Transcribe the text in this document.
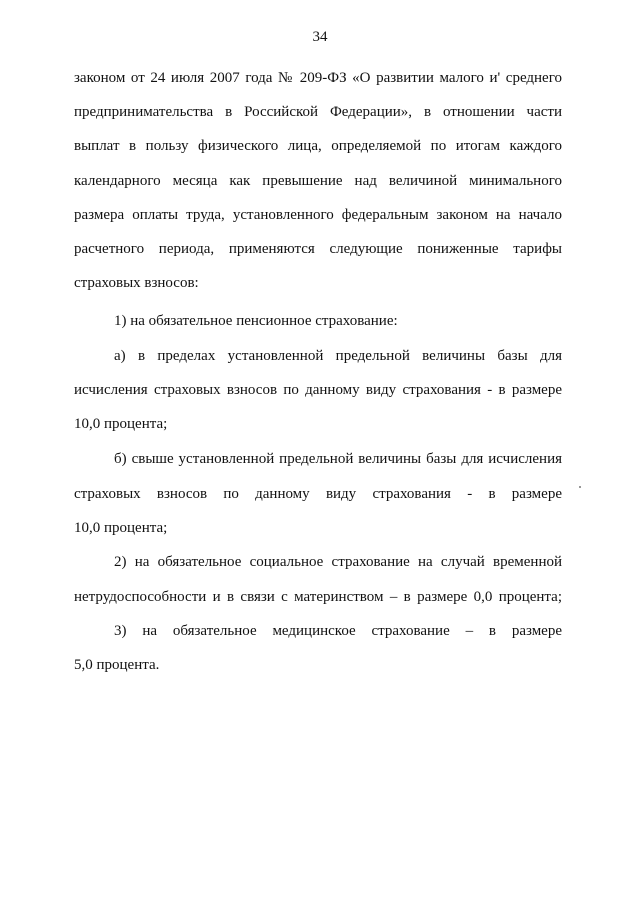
34
законом от 24 июля 2007 года № 209-ФЗ «О развитии малого и' среднего
предпринимательства в Российской Федерации», в отношении части
выплат в пользу физического лица, определяемой по итогам каждого
календарного месяца как превышение над величиной минимального
размера оплаты труда, установленного федеральным законом на начало
расчетного периода, применяются следующие пониженные тарифы
страховых взносов:
1) на обязательное пенсионное страхование:
а) в пределах установленной предельной величины базы для
исчисления страховых взносов по данному виду страхования - в размере
10,0 процента;
б) свыше установленной предельной величины базы для исчисления
страховых взносов по данному виду страхования - в размере
10,0 процента;
2) на обязательное социальное страхование на случай временной
нетрудоспособности и в связи с материнством – в размере 0,0 процента;
3) на обязательное медицинское страхование – в размере
5,0 процента.
